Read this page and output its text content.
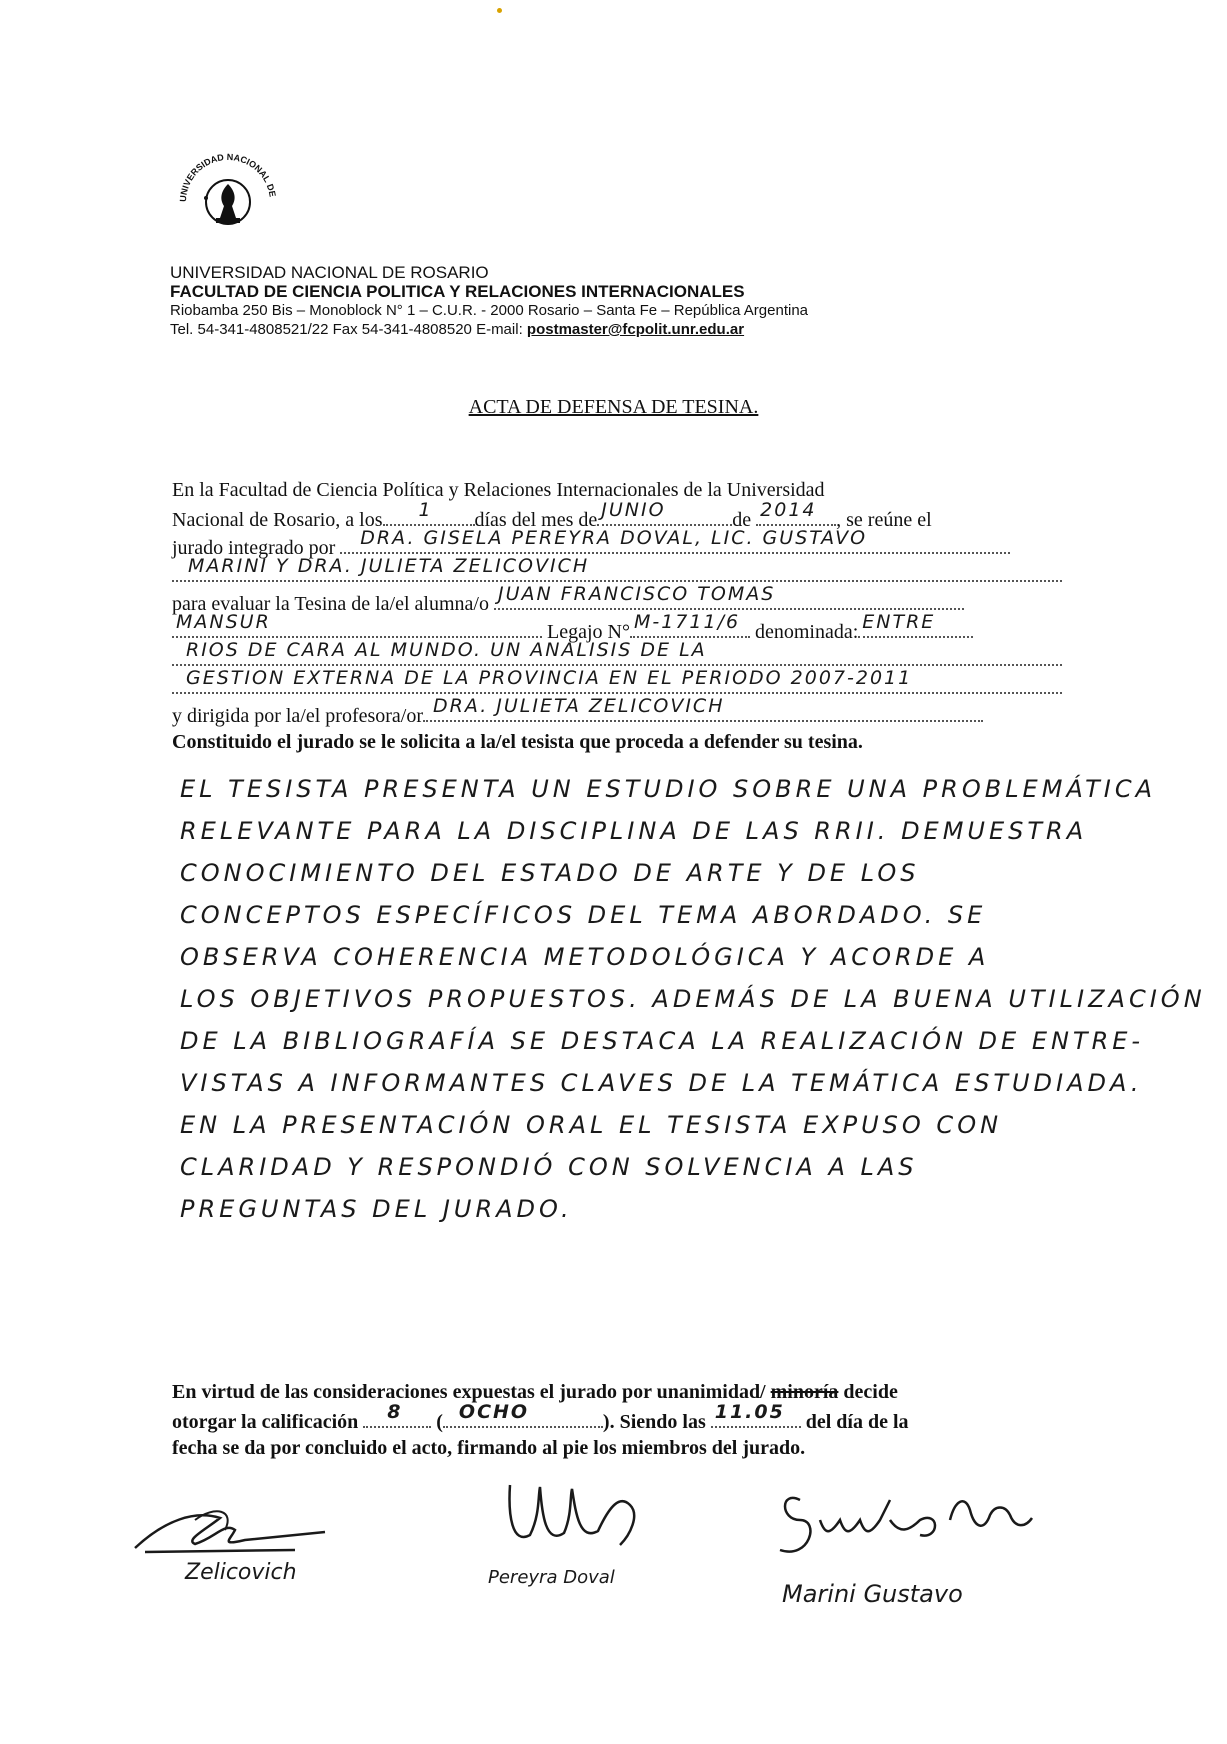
UNIVERSIDAD NACIONAL DE
UNIVERSIDAD NACIONAL DE ROSARIO
FACULTAD DE CIENCIA POLITICA Y RELACIONES INTERNACIONALES
Riobamba 250 Bis – Monoblock N° 1 – C.U.R. - 2000 Rosario – Santa Fe – República Argentina
Tel. 54-341-4808521/22 Fax 54-341-4808520 E-mail: postmaster@fcpolit.unr.edu.ar
ACTA DE DEFENSA DE TESINA.
En la Facultad de Ciencia Política y Relaciones Internacionales de la Universidad
Nacional de Rosario, a los 1 días del mes de JUNIO	de 2014 , se reúne el
jurado integrado por DRA. GISELA PEREYRA DOVAL, LIC. GUSTAVO
MARINI Y DRA. JULIETA ZELICOVICH
para evaluar la Tesina de la/el alumna/o JUAN FRANCISCO TOMAS
MANSUR	Legajo N° M-1711/6 denominada: ENTRE
RIOS DE CARA AL MUNDO. UN ANALISIS DE LA
GESTION EXTERNA DE LA PROVINCIA EN EL PERIODO 2007-2011
y dirigida por la/el profesora/or DRA. JULIETA ZELICOVICH
Constituido el jurado se le solicita a la/el tesista que proceda a defender su tesina.
EL TESISTA PRESENTA UN ESTUDIO SOBRE UNA PROBLEMÁTICA
RELEVANTE PARA LA DISCIPLINA DE LAS RRII. DEMUESTRA
CONOCIMIENTO DEL ESTADO DE ARTE Y DE LOS
CONCEPTOS ESPECÍFICOS DEL TEMA ABORDADO. SE
OBSERVA COHERENCIA METODOLÓGICA Y ACORDE A
LOS OBJETIVOS PROPUESTOS. ADEMÁS DE LA BUENA UTILIZACIÓN
DE LA BIBLIOGRAFÍA SE DESTACA LA REALIZACIÓN DE ENTRE-
VISTAS A INFORMANTES CLAVES DE LA TEMÁTICA ESTUDIADA.
EN LA PRESENTACIÓN ORAL EL TESISTA EXPUSO CON
CLARIDAD Y RESPONDIÓ CON SOLVENCIA A LAS
PREGUNTAS DEL JURADO.
En virtud de las consideraciones expuestas el jurado por unanimidad/ minoría decide
otorgar la calificación 8 ( OCHO	). Siendo las 11.05 del día de la
fecha se da por concluido el acto, firmando al pie los miembros del jurado.
Zelicovich	Pereyra Doval
Marini Gustavo
